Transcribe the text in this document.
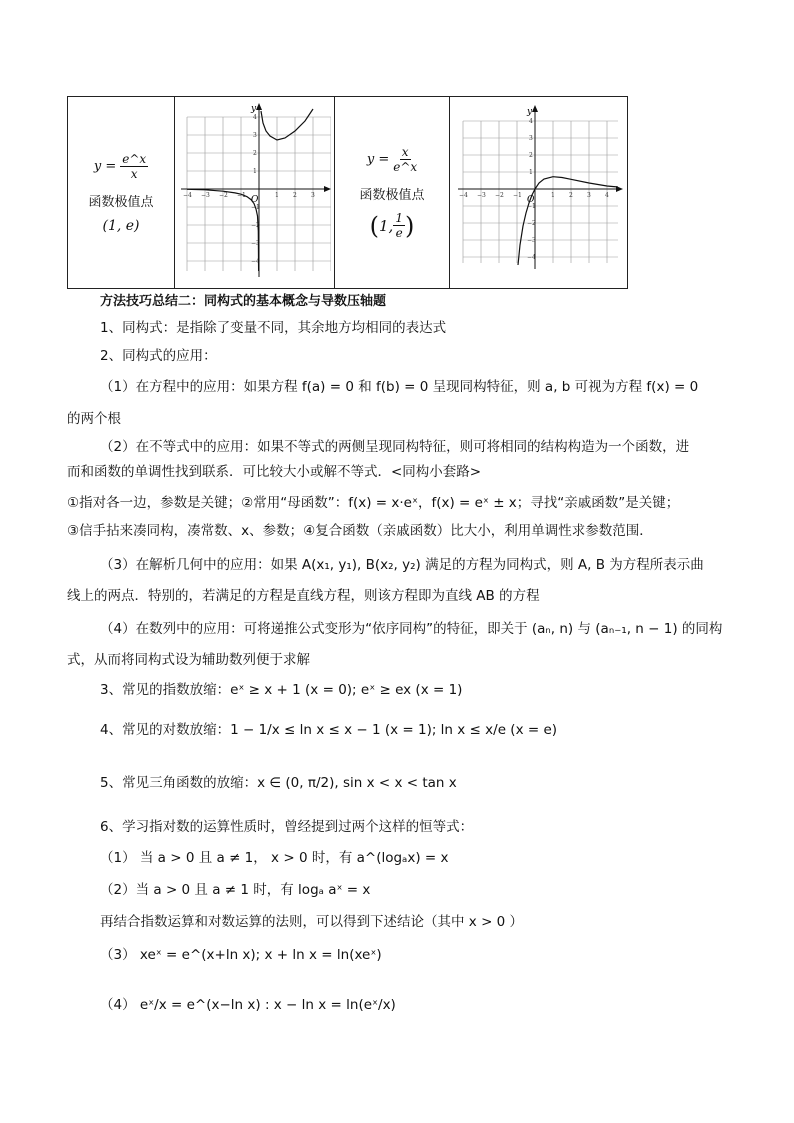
$y = \frac{e\^{}x}{x}$
函数极值点
(1, e)
y
O
−4 −3 −2 −1	1 2 3
4
3
2
1
−1
−2
−3
−4
$y = \frac{x}{e\^{}x}$
函数极值点
( 1, $\frac{1}{e}$ )
y
O
−4 −3 −2 −1	1 2 3 4
4
3
2
1
−1
−2
−3
−4
方法技巧总结二：同构式的基本概念与导数压轴题
1、同构式：是指除了变量不同，其余地方均相同的表达式
2、同构式的应用：
（1）在方程中的应用：如果方程 f(a) = 0 和 f(b) = 0 呈现同构特征，则 a, b 可视为方程 f(x) = 0
的两个根
（2）在不等式中的应用：如果不等式的两侧呈现同构特征，则可将相同的结构构造为一个函数，进
而和函数的单调性找到联系．可比较大小或解不等式．<同构小套路>
①指对各一边，参数是关键；②常用“母函数”：f(x) = x·eˣ，f(x) = eˣ ± x；寻找“亲戚函数”是关键；
③信手拈来凑同构，凑常数、x、参数；④复合函数（亲戚函数）比大小，利用单调性求参数范围．
（3）在解析几何中的应用：如果 A(x₁, y₁), B(x₂, y₂) 满足的方程为同构式，则 A, B 为方程所表示曲
线上的两点．特别的，若满足的方程是直线方程，则该方程即为直线 AB 的方程
（4）在数列中的应用：可将递推公式变形为“依序同构”的特征，即关于 (aₙ, n) 与 (aₙ₋₁, n − 1) 的同构
式，从而将同构式设为辅助数列便于求解
3、常见的指数放缩：eˣ ≥ x + 1 (x = 0); eˣ ≥ ex (x = 1)
4、常见的对数放缩：1 − 1/x ≤ ln x ≤ x − 1 (x = 1); ln x ≤ x/e (x = e)
5、常见三角函数的放缩：x ∈ (0, π/2), sin x < x < tan x
6、学习指对数的运算性质时，曾经提到过两个这样的恒等式：
（1） 当 a > 0 且 a ≠ 1， x > 0 时，有 a^(logₐx) = x
（2）当 a > 0 且 a ≠ 1 时，有 logₐ aˣ = x
再结合指数运算和对数运算的法则，可以得到下述结论（其中 x > 0 ）
（3） xeˣ = e^(x+ln x); x + ln x = ln(xeˣ)
（4） eˣ/x = e^(x−ln x) : x − ln x = ln(eˣ/x)
